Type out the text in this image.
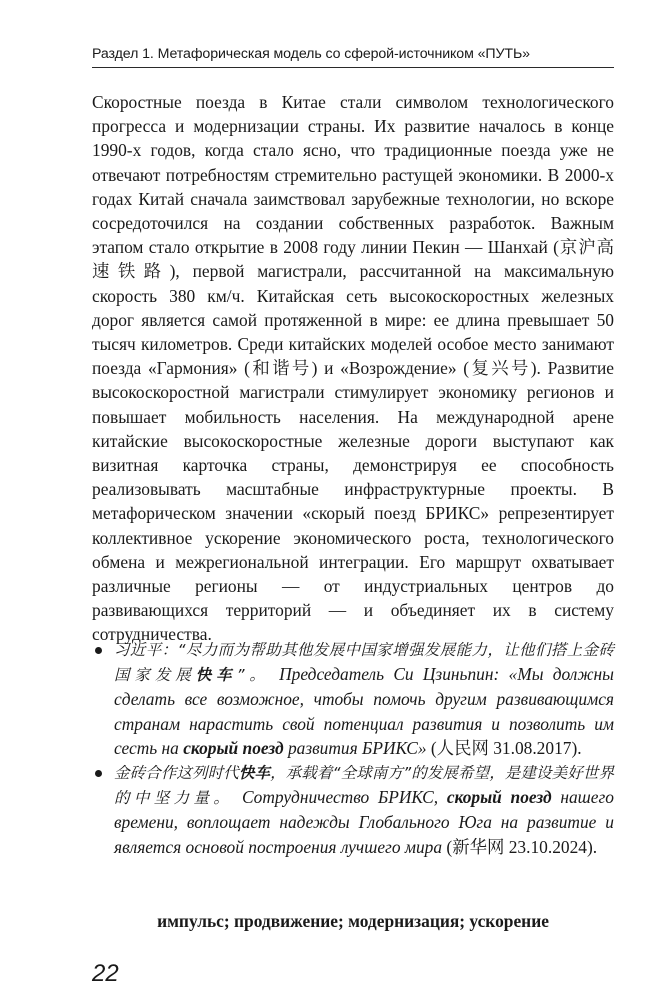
Раздел 1. Метафорическая модель со сферой-источником «ПУТЬ»

Скоростные поезда в Китае стали символом технологического прогресса и модернизации страны. Их развитие началось в конце 1990-х годов, когда стало ясно, что традиционные поезда уже не отвечают потребностям стремительно растущей экономики. В 2000-х годах Китай сначала заимствовал зарубежные технологии, но вскоре сосредоточился на создании собственных разработок. Важным этапом стало открытие в 2008 году линии Пекин — Шанхай (京沪高速铁路), первой магистрали, рассчитанной на максимальную скорость 380 км/ч. Китайская сеть высокоскоростных железных дорог является самой протяженной в мире: ее длина превышает 50 тысяч километров. Среди китайских моделей особое место занимают поезда «Гармония» (和谐号) и «Возрождение» (复兴号). Развитие высокоскоростной магистрали стимулирует экономику регионов и повышает мобильность населения. На международной арене китайские высокоскоростные железные дороги выступают как визитная карточка страны, демонстрируя ее способность реализовывать масштабные инфраструктурные проекты. В метафорическом значении «скорый поезд БРИКС» репрезентирует коллективное ускорение экономического роста, технологического обмена и межрегиональной интеграции. Его маршрут охватывает различные регионы — от индустриальных центров до развивающихся территорий — и объединяет их в систему сотрудничества.

习近平：“尽力而为帮助其他发展中国家增强发展能力，让他们搭上金砖国家发展快车”。 Председатель Си Цзиньпин: «Мы должны сделать все возможное, чтобы помочь другим развивающимся странам нарастить свой потенциал развития и позволить им сесть на скорый поезд развития БРИКС» (人民网 31.08.2017).
金砖合作这列时代快车，承载着“全球南方”的发展希望，是建设美好世界的中坚力量。 Сотрудничество БРИКС, скорый поезд нашего времени, воплощает надежды Глобального Юга на развитие и является основой построения лучшего мира (新华网 23.10.2024).
импульс; продвижение; модернизация; ускорение
22
